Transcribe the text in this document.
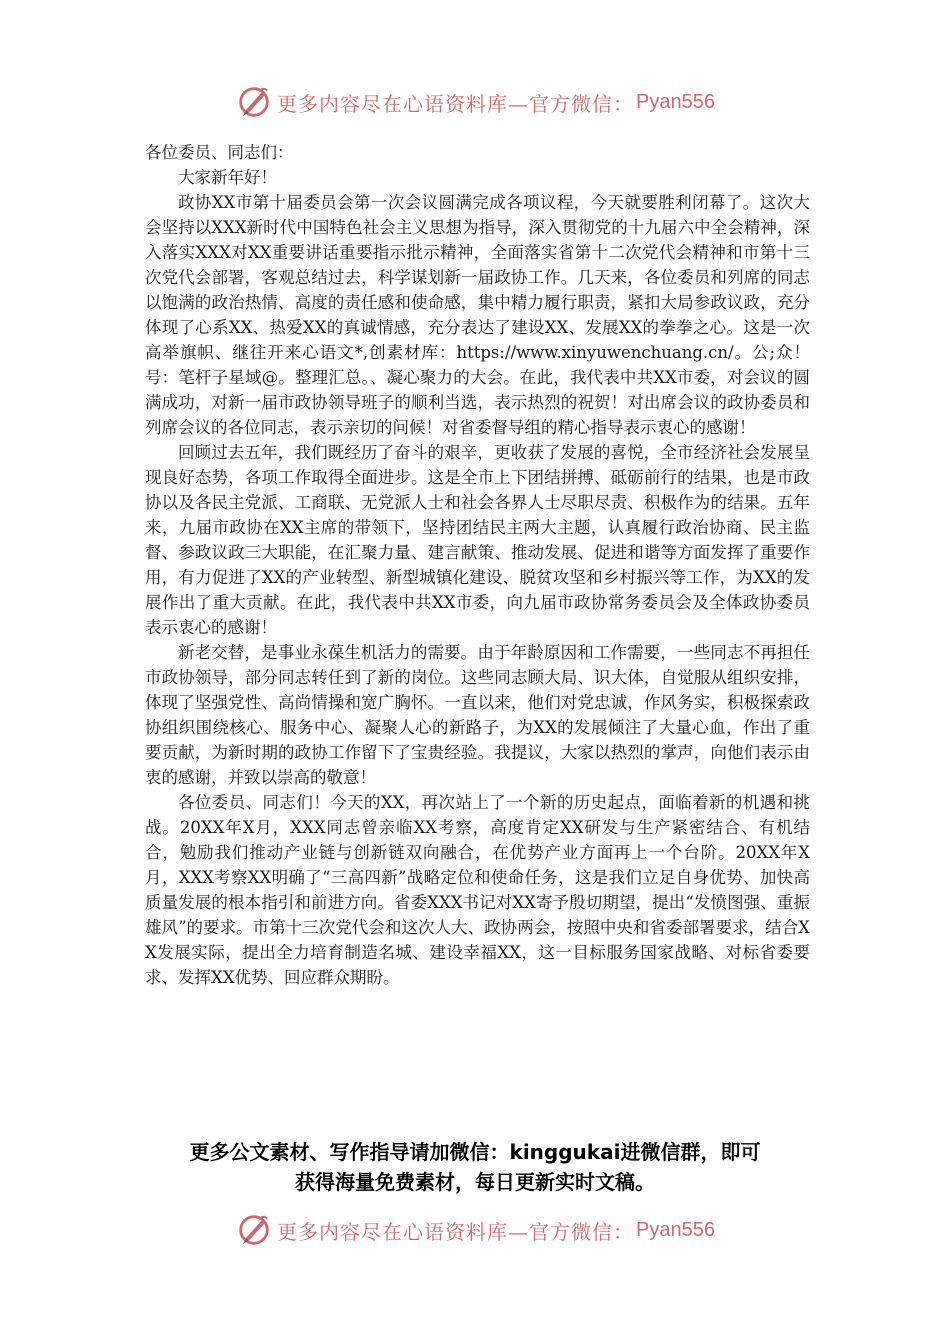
更多内容尽在心语资料库—官方微信： Pyan556

各位委员、同志们：

大家新年好！

政协XX市第十届委员会第一次会议圆满完成各项议程，今天就要胜利闭幕了。这次大会坚持以XXX新时代中国特色社会主义思想为指导，深入贯彻党的十九届六中全会精神，深入落实XXX对XX重要讲话重要指示批示精神，全面落实省第十二次党代会精神和市第十三次党代会部署，客观总结过去，科学谋划新一届政协工作。几天来，各位委员和列席的同志以饱满的政治热情、高度的责任感和使命感，集中精力履行职责，紧扣大局参政议政，充分体现了心系XX、热爱XX的真诚情感，充分表达了建设XX、发展XX的拳拳之心。这是一次高举旗帜、继往开来心语文*,创素材库：https://www.xinyuwenchuang.cn/。公;众！号：笔杆子星域@。整理汇总。、凝心聚力的大会。在此，我代表中共XX市委，对会议的圆满成功，对新一届市政协领导班子的顺利当选，表示热烈的祝贺！对出席会议的政协委员和列席会议的各位同志，表示亲切的问候！对省委督导组的精心指导表示衷心的感谢！

回顾过去五年，我们既经历了奋斗的艰辛，更收获了发展的喜悦，全市经济社会发展呈现良好态势，各项工作取得全面进步。这是全市上下团结拼搏、砥砺前行的结果，也是市政协以及各民主党派、工商联、无党派人士和社会各界人士尽职尽责、积极作为的结果。五年来，九届市政协在XX主席的带领下，坚持团结民主两大主题，认真履行政治协商、民主监督、参政议政三大职能，在汇聚力量、建言献策、推动发展、促进和谐等方面发挥了重要作用，有力促进了XX的产业转型、新型城镇化建设、脱贫攻坚和乡村振兴等工作，为XX的发展作出了重大贡献。在此，我代表中共XX市委，向九届市政协常务委员会及全体政协委员表示衷心的感谢！

新老交替，是事业永葆生机活力的需要。由于年龄原因和工作需要，一些同志不再担任市政协领导，部分同志转任到了新的岗位。这些同志顾大局、识大体，自觉服从组织安排，体现了坚强党性、高尚情操和宽广胸怀。一直以来，他们对党忠诚，作风务实，积极探索政协组织围绕核心、服务中心、凝聚人心的新路子，为XX的发展倾注了大量心血，作出了重要贡献，为新时期的政协工作留下了宝贵经验。我提议，大家以热烈的掌声，向他们表示由衷的感谢，并致以崇高的敬意！

各位委员、同志们！今天的XX，再次站上了一个新的历史起点，面临着新的机遇和挑战。20XX年X月，XXX同志曾亲临XX考察，高度肯定XX研发与生产紧密结合、有机结合，勉励我们推动产业链与创新链双向融合，在优势产业方面再上一个台阶。20XX年X月，XXX考察XX明确了“三高四新”战略定位和使命任务，这是我们立足自身优势、加快高质量发展的根本指引和前进方向。省委XXX书记对XX寄予殷切期望，提出“发愤图强、重振雄风”的要求。市第十三次党代会和这次人大、政协两会，按照中央和省委部署要求，结合XX发展实际，提出全力培育制造名城、建设幸福XX，这一目标服务国家战略、对标省委要求、发挥XX优势、回应群众期盼。

更多公文素材、写作指导请加微信：kinggukai进微信群，即可
获得海量免费素材，每日更新实时文稿。
更多内容尽在心语资料库—官方微信： Pyan556
